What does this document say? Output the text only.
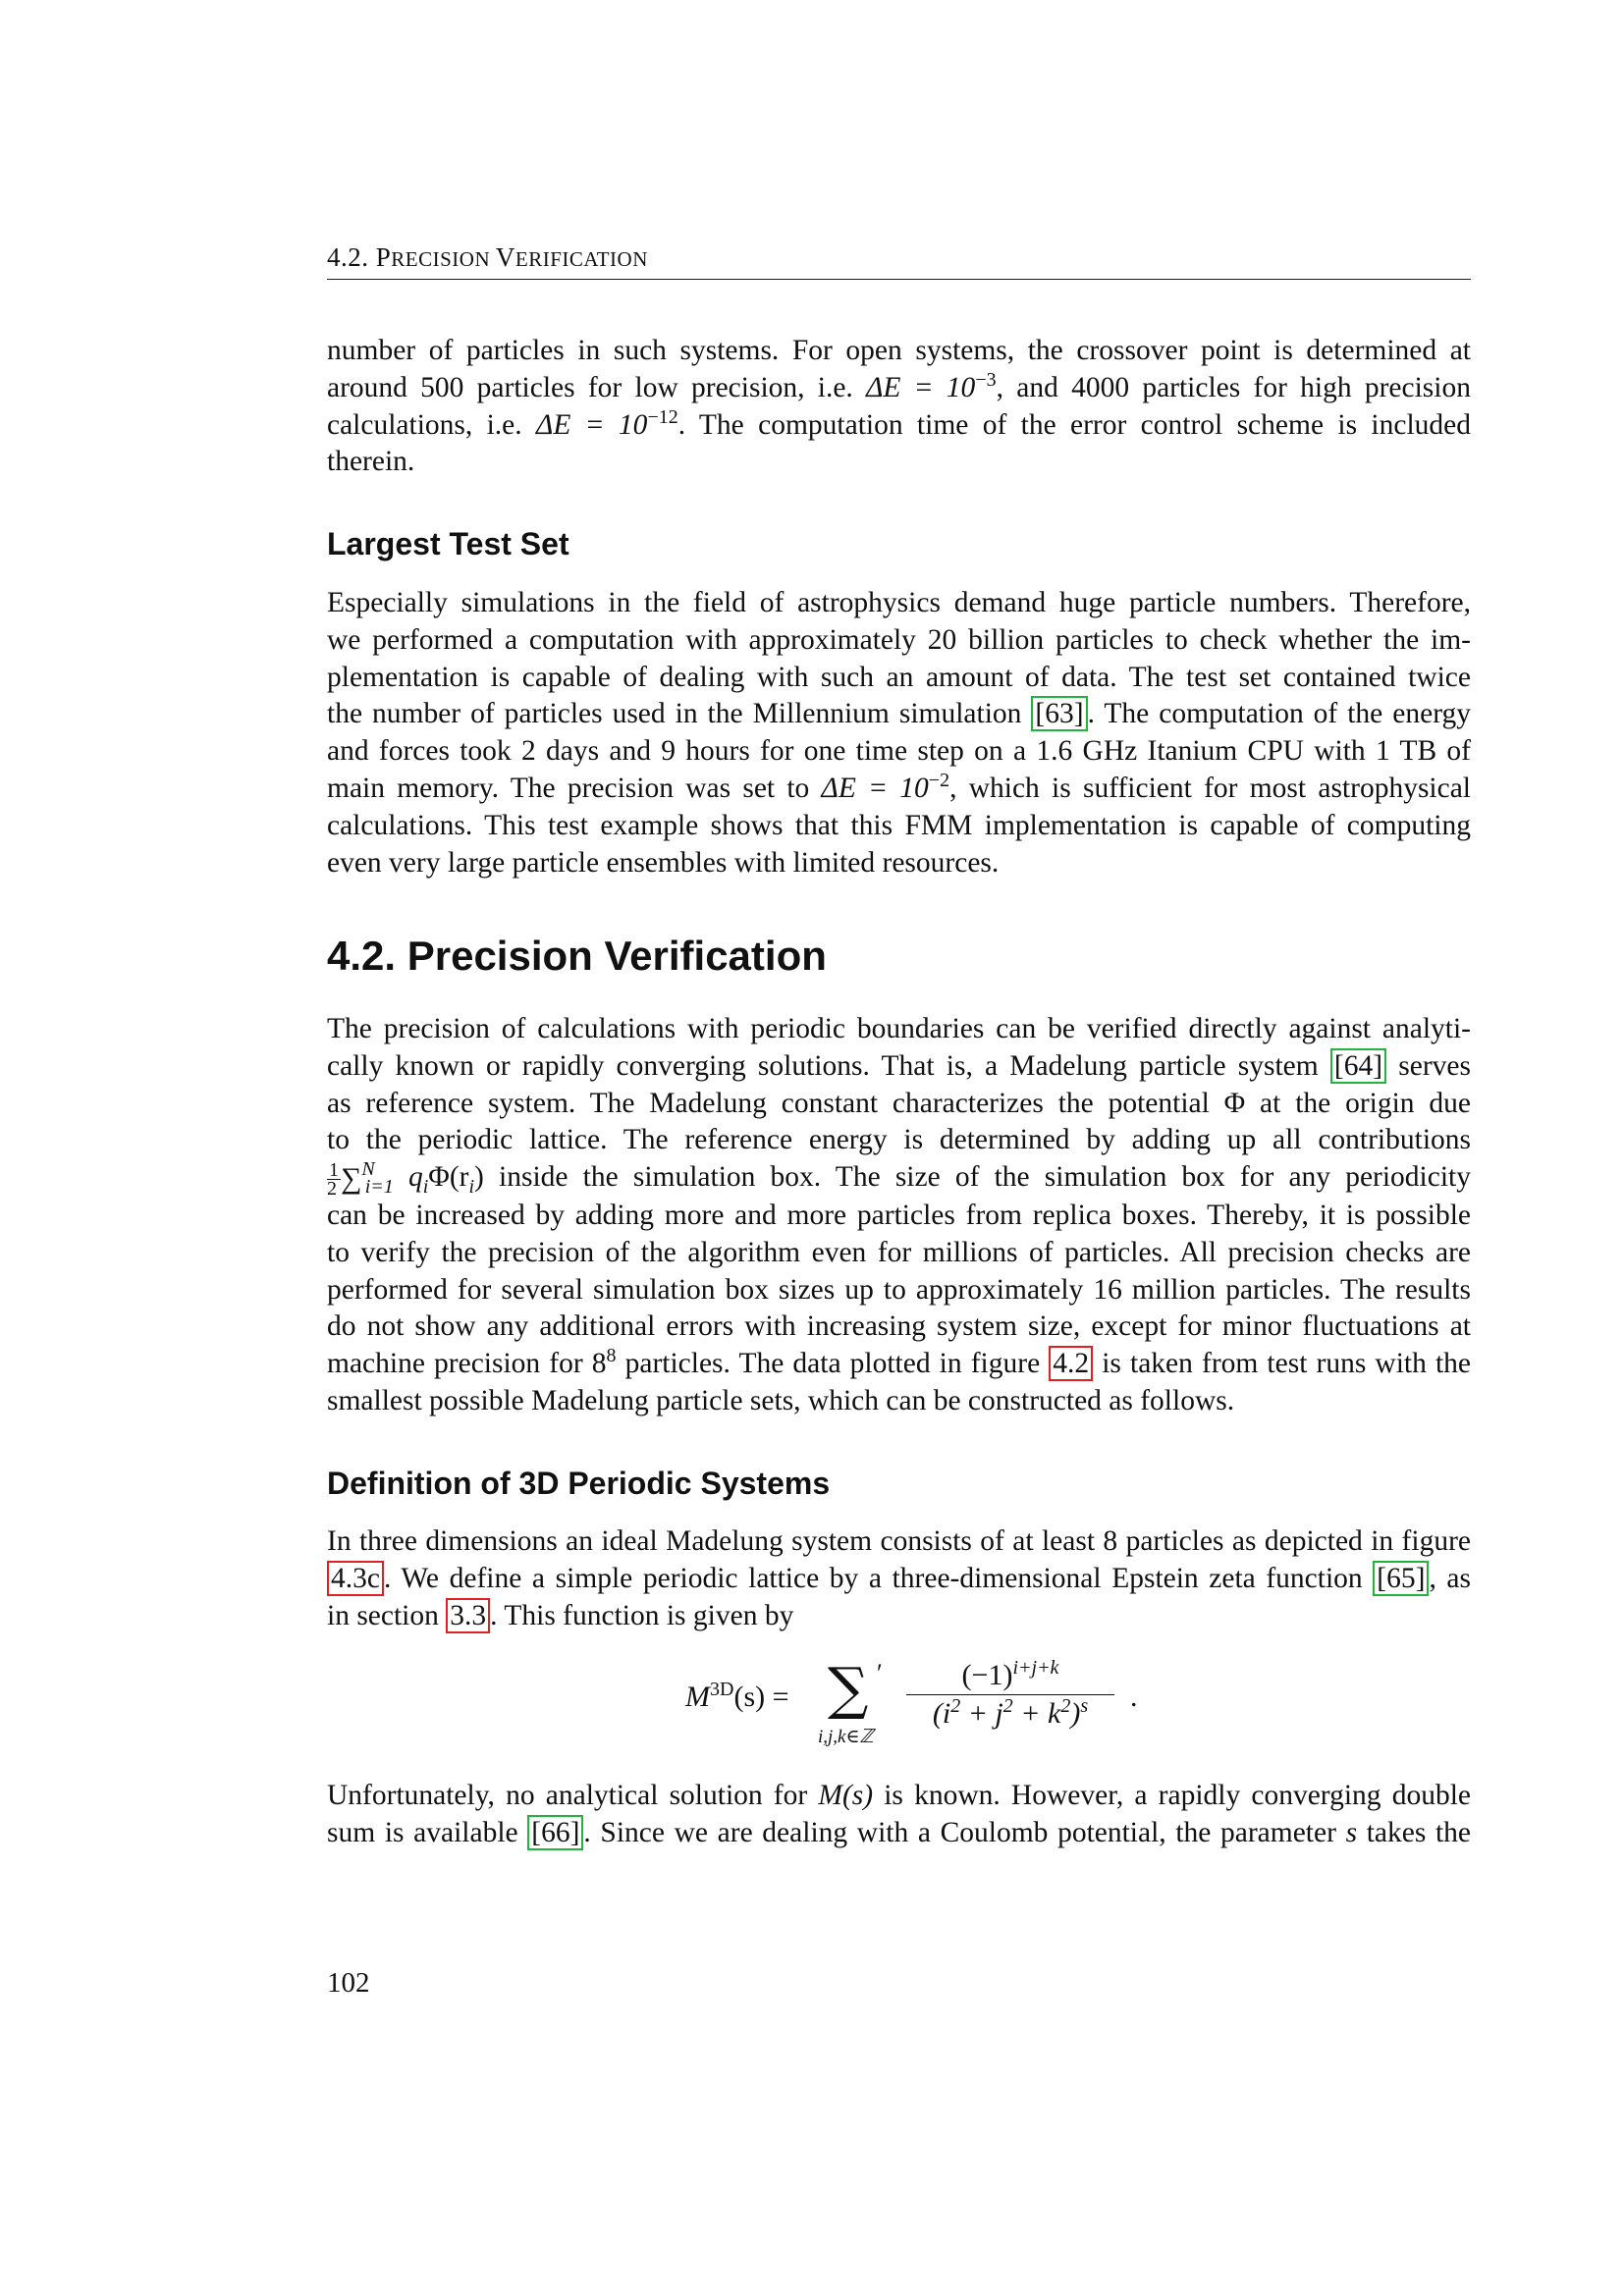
4.2. PRECISION VERIFICATION
number of particles in such systems. For open systems, the crossover point is determined at
around 500 particles for low precision, i.e. $\Delta E = 10^{-3}$, and 4000 particles for high precision
calculations, i.e. $\Delta E = 10^{-12}$. The computation time of the error control scheme is included
therein.
Largest Test Set
Especially simulations in the field of astrophysics demand huge particle numbers. Therefore,
we performed a computation with approximately 20 billion particles to check whether the im-
plementation is capable of dealing with such an amount of data. The test set contained twice
the number of particles used in the Millennium simulation [63] . The computation of the energy
and forces took 2 days and 9 hours for one time step on a 1.6 GHz Itanium CPU with 1 TB of
main memory. The precision was set to $\Delta E = 10^{-2}$, which is sufficient for most astrophysical
calculations. This test example shows that this FMM implementation is capable of computing
even very large particle ensembles with limited resources.
4.2. Precision Verification
The precision of calculations with periodic boundaries can be verified directly against analyti-
cally known or rapidly converging solutions. That is, a Madelung particle system [64] serves
as reference system. The Madelung constant characterizes the potential Φ at the origin due
to the periodic lattice. The reference energy is determined by adding up all contributions
$\frac{1}{2} \sum^N_{i=1}$ $q_i\Phi(r_i)$ inside the simulation box. The size of the simulation box for any periodicity
can be increased by adding more and more particles from replica boxes. Thereby, it is possible
to verify the precision of the algorithm even for millions of particles. All precision checks are
performed for several simulation box sizes up to approximately 16 million particles. The results
do not show any additional errors with increasing system size, except for minor fluctuations at
machine precision for $8^8$ particles. The data plotted in figure 4.2 is taken from test runs with the
smallest possible Madelung particle sets, which can be constructed as follows.
Definition of 3D Periodic Systems
In three dimensions an ideal Madelung system consists of at least 8 particles as depicted in figure
4.3c . We define a simple periodic lattice by a three-dimensional Epstein zeta function [65] , as
in section 3.3 . This function is given by
$M^{3D}(s)$ = ∑ ′
i,j,k∈ℤ
$\frac{(-1)^{i+j+k}}{(i^2 + j^2 + k^2)^s}$ .
Unfortunately, no analytical solution for M(s) is known. However, a rapidly converging double
sum is available [66] . Since we are dealing with a Coulomb potential, the parameter s takes the
102
